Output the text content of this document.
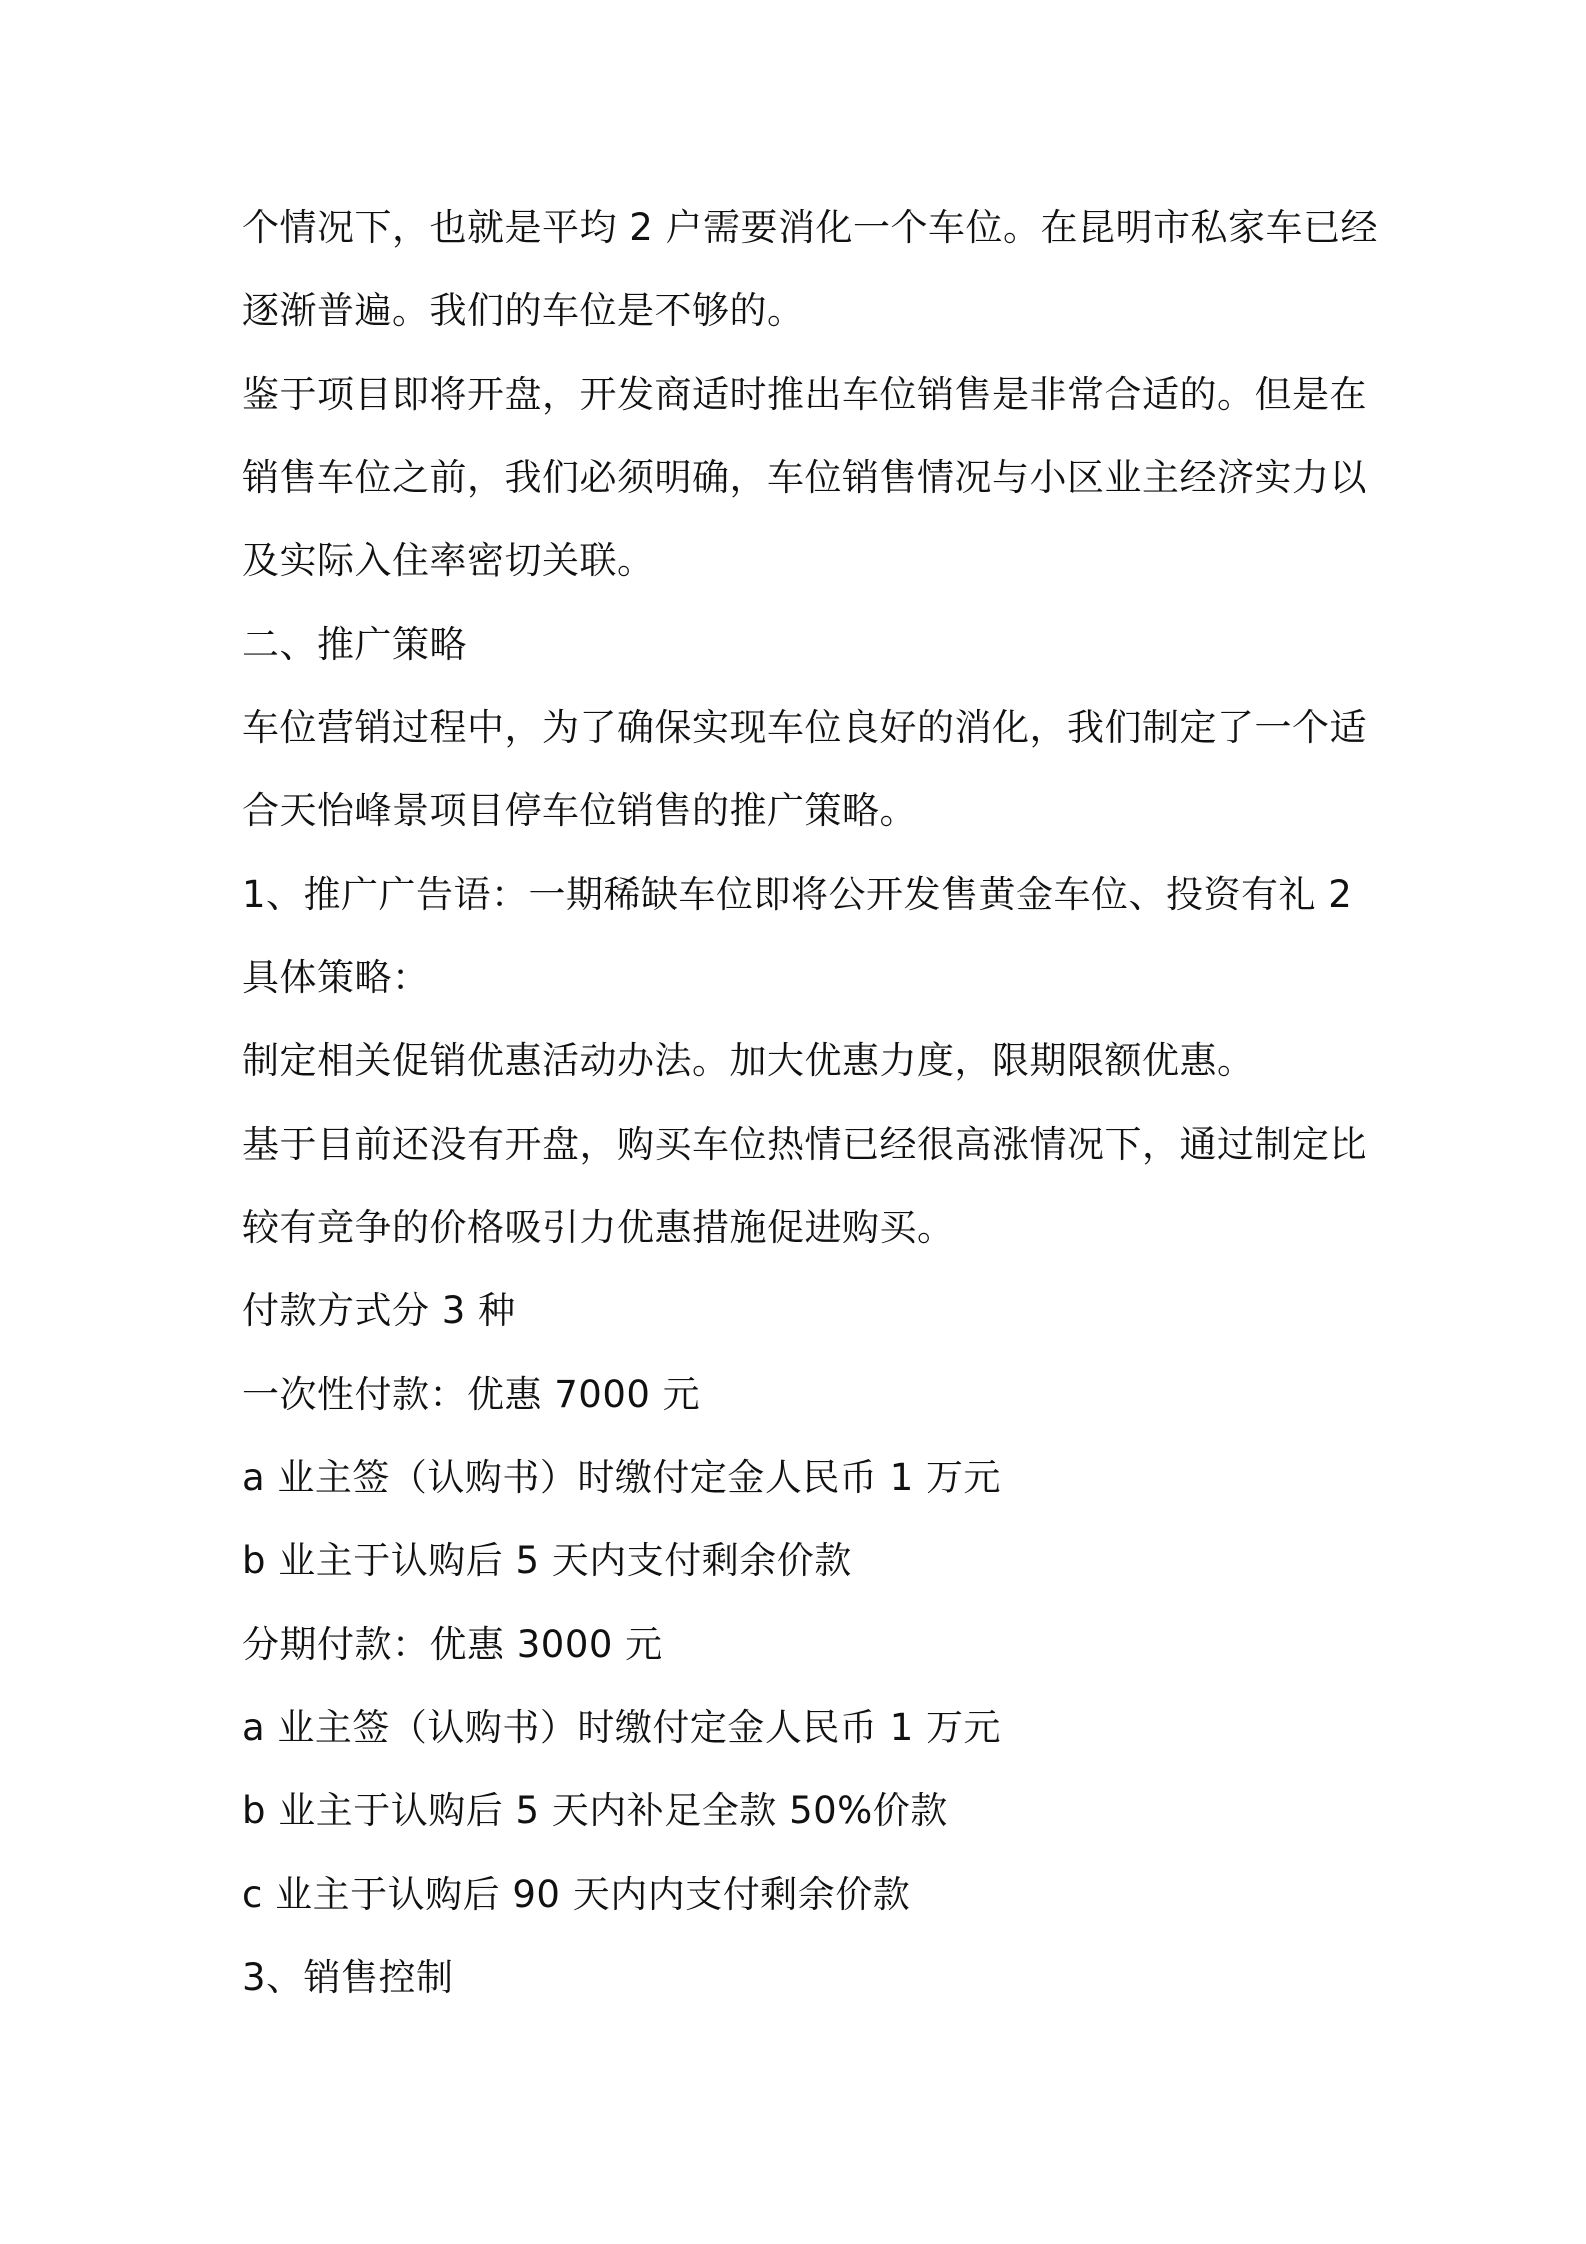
个情况下，也就是平均 2 户需要消化一个车位。在昆明市私家车已经

逐渐普遍。我们的车位是不够的。

鉴于项目即将开盘，开发商适时推出车位销售是非常合适的。但是在

销售车位之前，我们必须明确，车位销售情况与小区业主经济实力以

及实际入住率密切关联。

二、推广策略

车位营销过程中，为了确保实现车位良好的消化，我们制定了一个适

合天怡峰景项目停车位销售的推广策略。

1、推广广告语：一期稀缺车位即将公开发售黄金车位、投资有礼 2

具体策略：

制定相关促销优惠活动办法。加大优惠力度，限期限额优惠。

基于目前还没有开盘，购买车位热情已经很高涨情况下，通过制定比

较有竞争的价格吸引力优惠措施促进购买。

付款方式分 3 种

一次性付款：优惠 7000 元

a 业主签（认购书）时缴付定金人民币 1 万元

b 业主于认购后 5 天内支付剩余价款

分期付款：优惠 3000 元

a 业主签（认购书）时缴付定金人民币 1 万元

b 业主于认购后 5 天内补足全款 50%价款

c 业主于认购后 90 天内内支付剩余价款

3、销售控制
